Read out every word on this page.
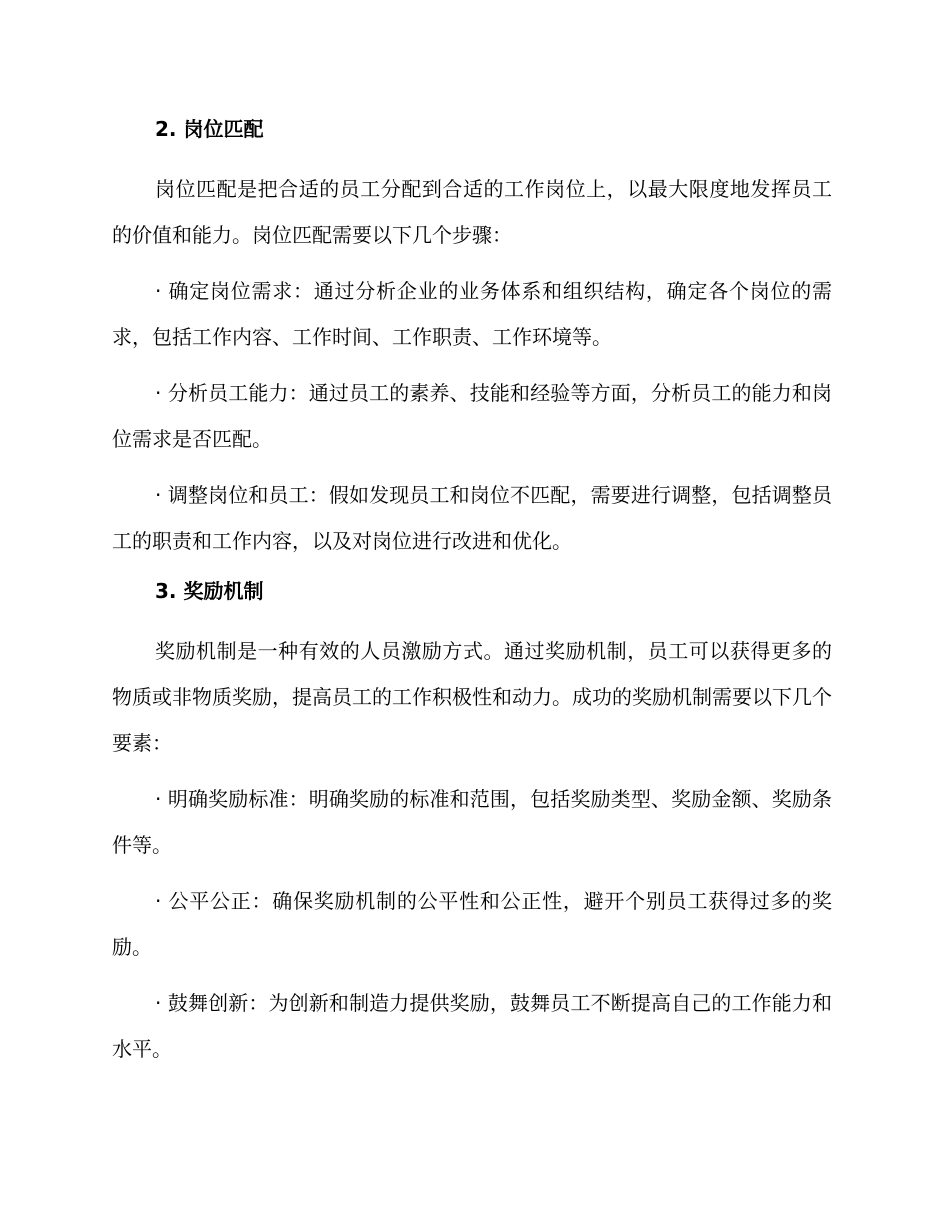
2. 岗位匹配

岗位匹配是把合适的员工分配到合适的工作岗位上，以最大限度地发挥员工的价值和能力。岗位匹配需要以下几个步骤：

· 确定岗位需求：通过分析企业的业务体系和组织结构，确定各个岗位的需求，包括工作内容、工作时间、工作职责、工作环境等。

· 分析员工能力：通过员工的素养、技能和经验等方面，分析员工的能力和岗位需求是否匹配。

· 调整岗位和员工：假如发现员工和岗位不匹配，需要进行调整，包括调整员工的职责和工作内容，以及对岗位进行改进和优化。

3. 奖励机制

奖励机制是一种有效的人员激励方式。通过奖励机制，员工可以获得更多的物质或非物质奖励，提高员工的工作积极性和动力。成功的奖励机制需要以下几个要素：

· 明确奖励标准：明确奖励的标准和范围，包括奖励类型、奖励金额、奖励条件等。

· 公平公正：确保奖励机制的公平性和公正性，避开个别员工获得过多的奖励。

· 鼓舞创新：为创新和制造力提供奖励，鼓舞员工不断提高自己的工作能力和水平。
